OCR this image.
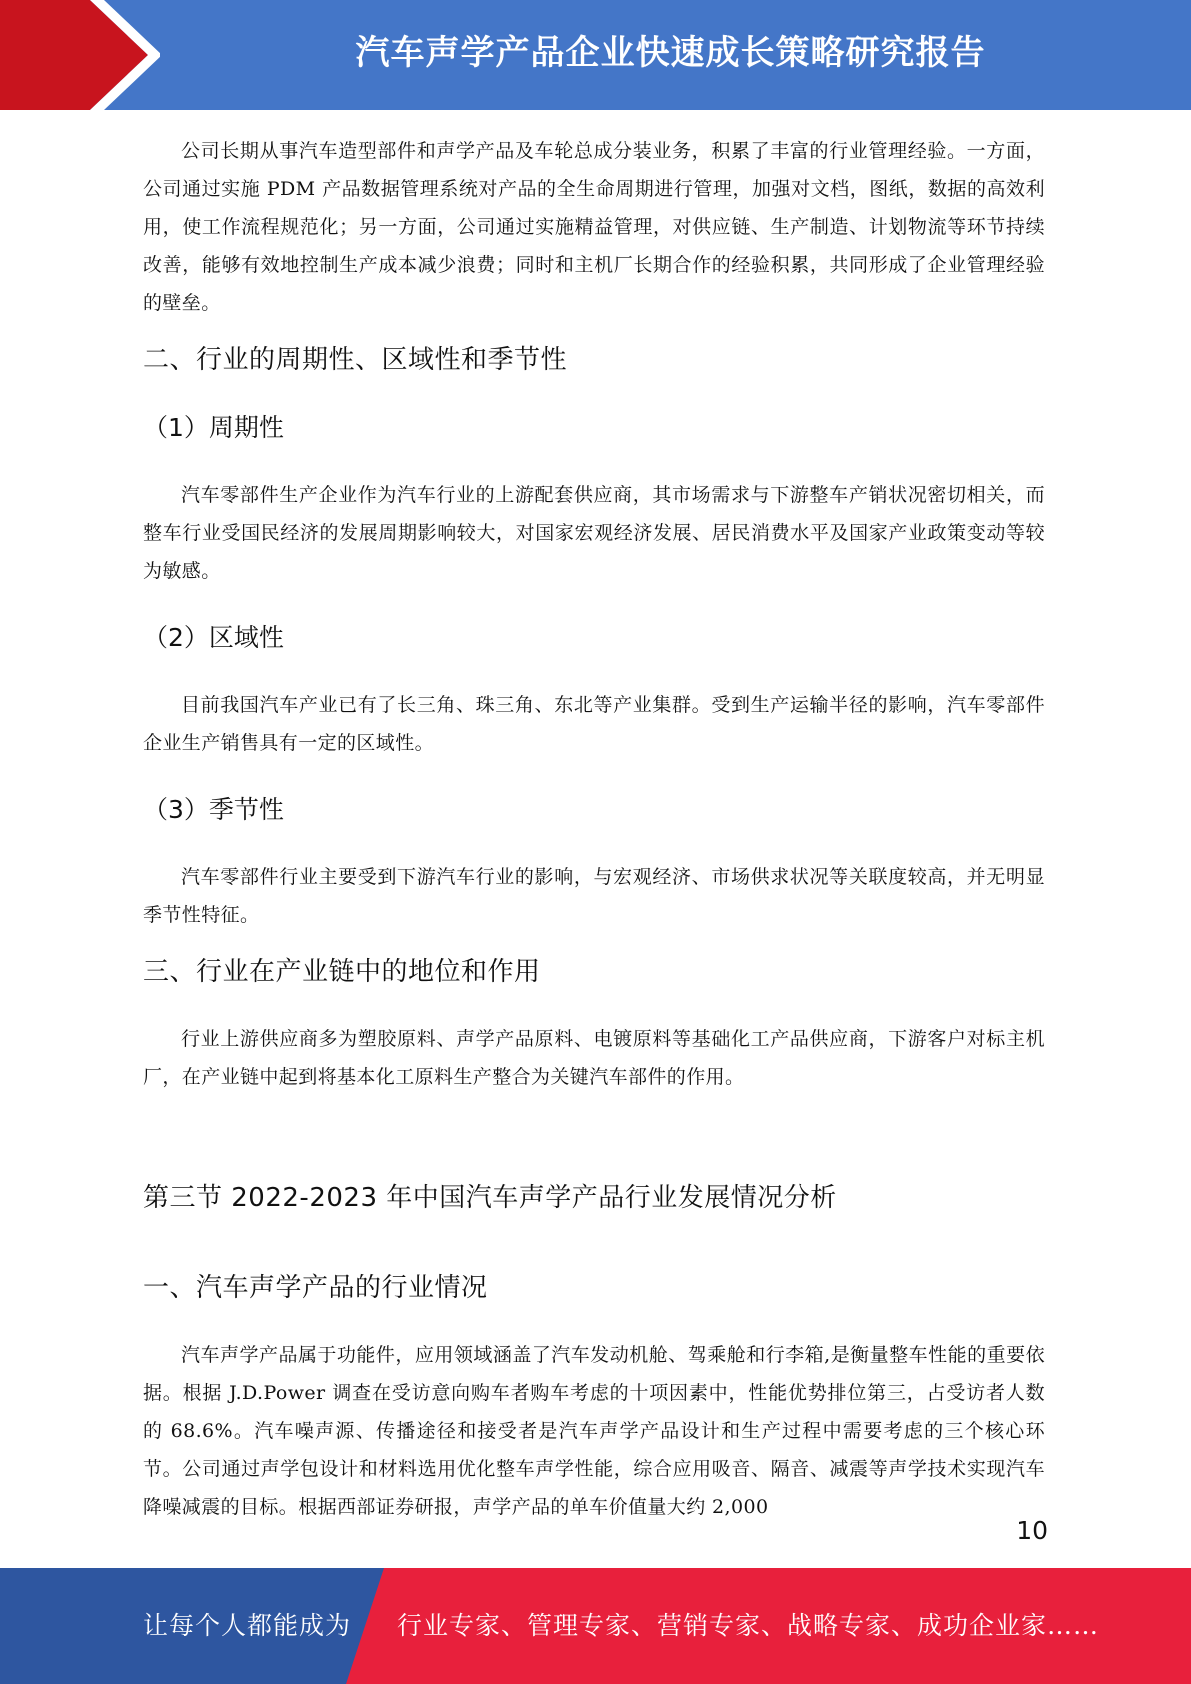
汽车声学产品企业快速成长策略研究报告

公司长期从事汽车造型部件和声学产品及车轮总成分装业务，积累了丰富的行业管理经验。一方面，公司通过实施 PDM 产品数据管理系统对产品的全生命周期进行管理，加强对文档，图纸，数据的高效利用，使工作流程规范化；另一方面，公司通过实施精益管理，对供应链、生产制造、计划物流等环节持续改善，能够有效地控制生产成本减少浪费；同时和主机厂长期合作的经验积累，共同形成了企业管理经验的壁垒。

二、行业的周期性、区域性和季节性
（1）周期性

汽车零部件生产企业作为汽车行业的上游配套供应商，其市场需求与下游整车产销状况密切相关，而整车行业受国民经济的发展周期影响较大，对国家宏观经济发展、居民消费水平及国家产业政策变动等较为敏感。

（2）区域性

目前我国汽车产业已有了长三角、珠三角、东北等产业集群。受到生产运输半径的影响，汽车零部件企业生产销售具有一定的区域性。

（3）季节性

汽车零部件行业主要受到下游汽车行业的影响，与宏观经济、市场供求状况等关联度较高，并无明显季节性特征。

三、行业在产业链中的地位和作用

行业上游供应商多为塑胶原料、声学产品原料、电镀原料等基础化工产品供应商，下游客户对标主机厂，在产业链中起到将基本化工原料生产整合为关键汽车部件的作用。

第三节 2022-2023 年中国汽车声学产品行业发展情况分析
一、汽车声学产品的行业情况

汽车声学产品属于功能件，应用领域涵盖了汽车发动机舱、驾乘舱和行李箱,是衡量整车性能的重要依据。根据 J.D.Power 调查在受访意向购车者购车考虑的十项因素中，性能优势排位第三，占受访者人数的 68.6%。汽车噪声源、传播途径和接受者是汽车声学产品设计和生产过程中需要考虑的三个核心环节。公司通过声学包设计和材料选用优化整车声学性能，综合应用吸音、隔音、减震等声学技术实现汽车降噪减震的目标。根据西部证券研报，声学产品的单车价值量大约 2,000

10
让每个人都能成为 行业专家、管理专家、营销专家、战略专家、成功企业家……
